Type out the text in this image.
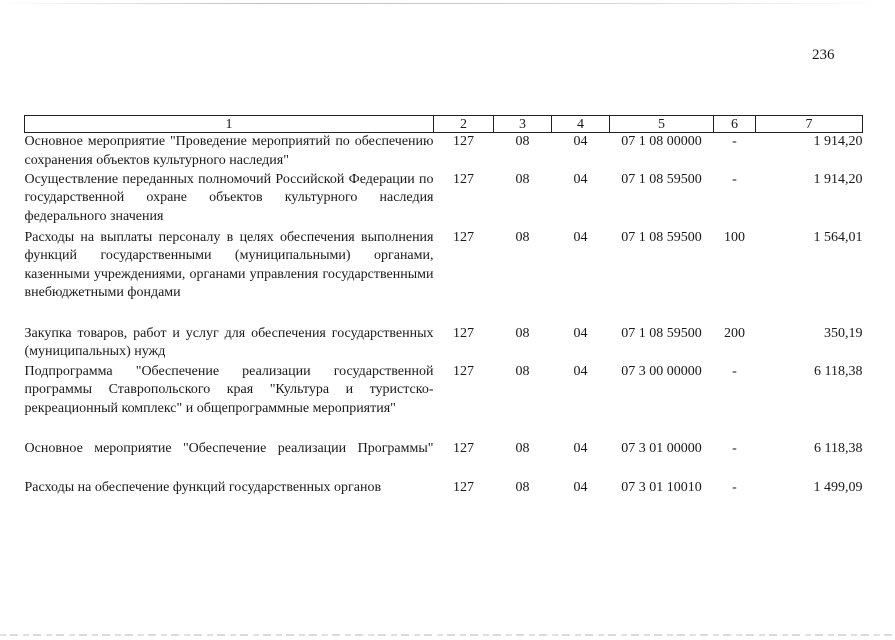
236
1	2	3	4	5	6	7
Основное мероприятие "Проведение мероприятий по обеспечению сохранения объектов культурного наследия"	127	08	04	07 1 08 00000	-	1 914,20
Осуществление переданных полномочий Российской Федерации по государственной охране объектов культурного наследия федерального значения	127	08	04	07 1 08 59500	-	1 914,20
Расходы на выплаты персоналу в целях обеспечения выполнения функций государственными (муниципальными) органами, казенными учреждениями, органами управления государственными внебюджетными фондами	127	08	04	07 1 08 59500	100	1 564,01
Закупка товаров, работ и услуг для обеспечения государственных (муниципальных) нужд	127	08	04	07 1 08 59500	200	350,19
Подпрограмма "Обеспечение реализации государственной программы Ставропольского края "Культура и туристско-рекреационный комплекс" и общепрограммные мероприятия"	127	08	04	07 3 00 00000	-	6 118,38
Основное мероприятие "Обеспечение реализации Программы"	127	08	04	07 3 01 00000	-	6 118,38
Расходы на обеспечение функций государственных органов	127	08	04	07 3 01 10010	-	1 499,09
